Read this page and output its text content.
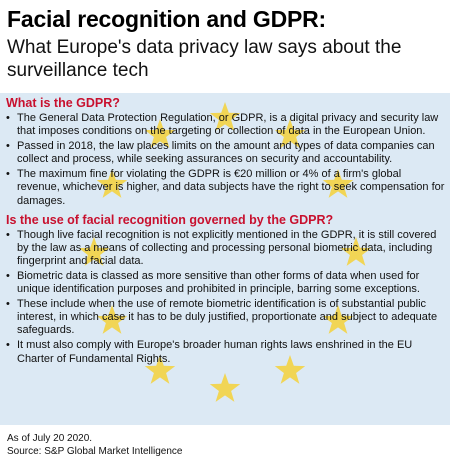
Facial recognition and GDPR:
What Europe's data privacy law says about the
surveillance tech
What is the GDPR?
• The General Data Protection Regulation, or GDPR, is a digital privacy and security law that imposes conditions on the targeting or collection of data in the European Union.
• Passed in 2018, the law places limits on the amount and types of data companies can collect and process, while seeking assurances on security and accountability.
• The maximum fine for violating the GDPR is €20 million or 4% of a firm's global revenue, whichever is higher, and data subjects have the right to seek compensation for damages.
Is the use of facial recognition governed by the GDPR?
• Though live facial recognition is not explicitly mentioned in the GDPR, it is still covered by the law as a means of collecting and processing personal biometric data, including fingerprint and facial data.
• Biometric data is classed as more sensitive than other forms of data when used for unique identification purposes and prohibited in principle, barring some exceptions.
• These include when the use of remote biometric identification is of substantial public interest, in which case it has to be duly justified, proportionate and subject to adequate safeguards.
• It must also comply with Europe's broader human rights laws enshrined in the EU Charter of Fundamental Rights.
As of July 20 2020.
Source: S&P Global Market Intelligence
